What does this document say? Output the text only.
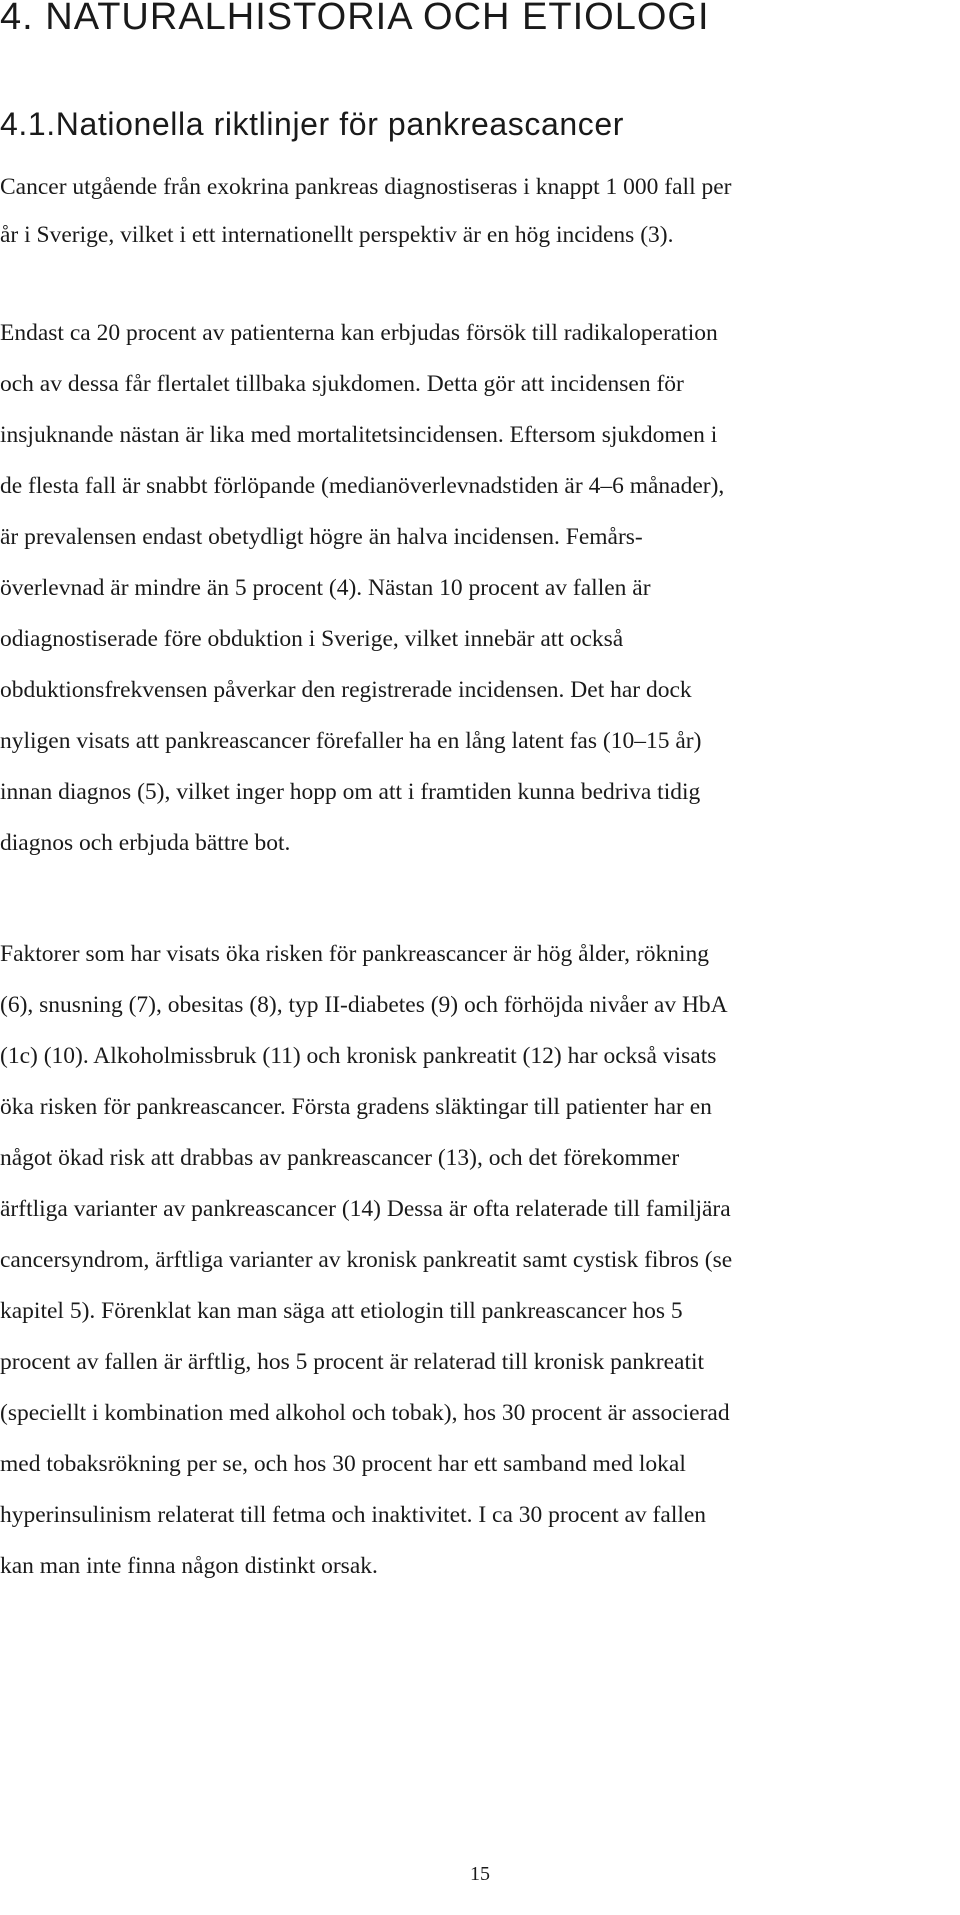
4. NATURALHISTORIA OCH ETIOLOGI
4.1.Nationella riktlinjer för pankreascancer

Cancer utgående från exokrina pankreas diagnostiseras i knappt 1 000 fall per
år i Sverige, vilket i ett internationellt perspektiv är en hög incidens (3).

Endast ca 20 procent av patienterna kan erbjudas försök till radikaloperation
och av dessa får flertalet tillbaka sjukdomen. Detta gör att incidensen för
insjuknande nästan är lika med mortalitetsincidensen. Eftersom sjukdomen i
de flesta fall är snabbt förlöpande (medianöverlevnadstiden är 4–6 månader),
är prevalensen endast obetydligt högre än halva incidensen. Femårs-
överlevnad är mindre än 5 procent (4). Nästan 10 procent av fallen är
odiagnostiserade före obduktion i Sverige, vilket innebär att också
obduktionsfrekvensen påverkar den registrerade incidensen. Det har dock
nyligen visats att pankreascancer förefaller ha en lång latent fas (10–15 år)
innan diagnos (5), vilket inger hopp om att i framtiden kunna bedriva tidig
diagnos och erbjuda bättre bot.

Faktorer som har visats öka risken för pankreascancer är hög ålder, rökning
(6), snusning (7), obesitas (8), typ II-diabetes (9) och förhöjda nivåer av HbA
(1c) (10). Alkoholmissbruk (11) och kronisk pankreatit (12) har också visats
öka risken för pankreascancer. Första gradens släktingar till patienter har en
något ökad risk att drabbas av pankreascancer (13), och det förekommer
ärftliga varianter av pankreascancer (14) Dessa är ofta relaterade till familjära
cancersyndrom, ärftliga varianter av kronisk pankreatit samt cystisk fibros (se
kapitel 5). Förenklat kan man säga att etiologin till pankreascancer hos 5
procent av fallen är ärftlig, hos 5 procent är relaterad till kronisk pankreatit
(speciellt i kombination med alkohol och tobak), hos 30 procent är associerad
med tobaksrökning per se, och hos 30 procent har ett samband med lokal
hyperinsulinism relaterat till fetma och inaktivitet. I ca 30 procent av fallen
kan man inte finna någon distinkt orsak.

15
